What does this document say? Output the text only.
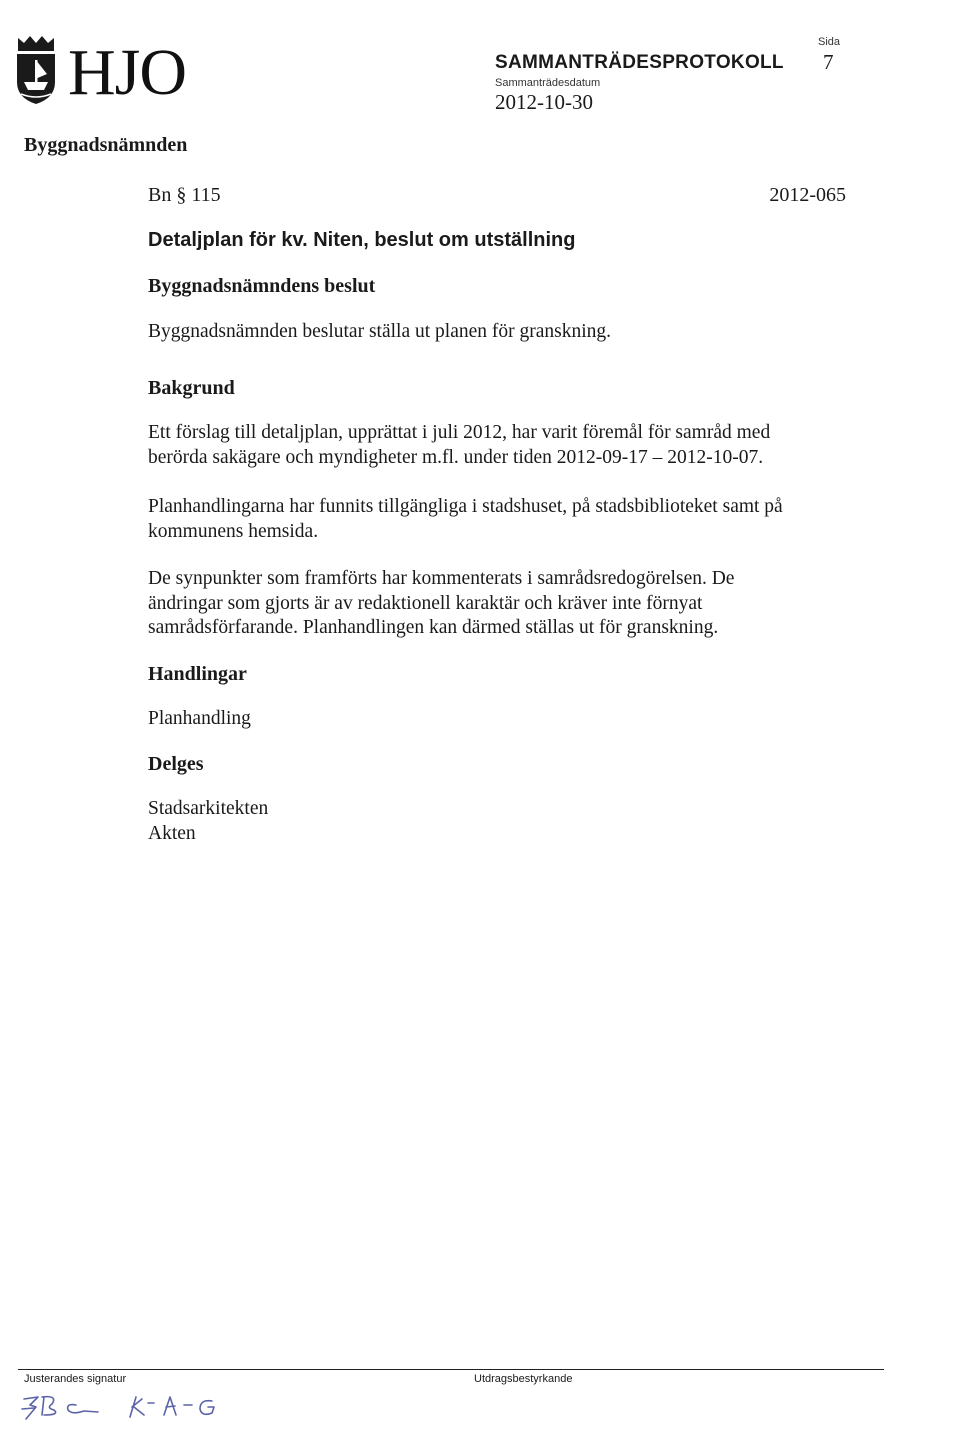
HJO	SAMMANTRÄDESPROTOKOLL
Sammanträdesdatum
2012-10-30
Sida
7
Byggnadsnämnden
Bn § 115	2012-065
Detaljplan för kv. Niten, beslut om utställning
Byggnadsnämndens beslut
Byggnadsnämnden beslutar ställa ut planen för granskning.
Bakgrund
Ett förslag till detaljplan, upprättat i juli 2012, har varit föremål för samråd med
berörda sakägare och myndigheter m.fl. under tiden 2012-09-17 – 2012-10-07.
Planhandlingarna har funnits tillgängliga i stadshuset, på stadsbiblioteket samt på
kommunens hemsida.
De synpunkter som framförts har kommenterats i samrådsredogörelsen. De
ändringar som gjorts är av redaktionell karaktär och kräver inte förnyat
samrådsförfarande. Planhandlingen kan därmed ställas ut för granskning.
Handlingar
Planhandling
Delges
Stadsarkitekten
Akten
Justerandes signatur	Utdragsbestyrkande
